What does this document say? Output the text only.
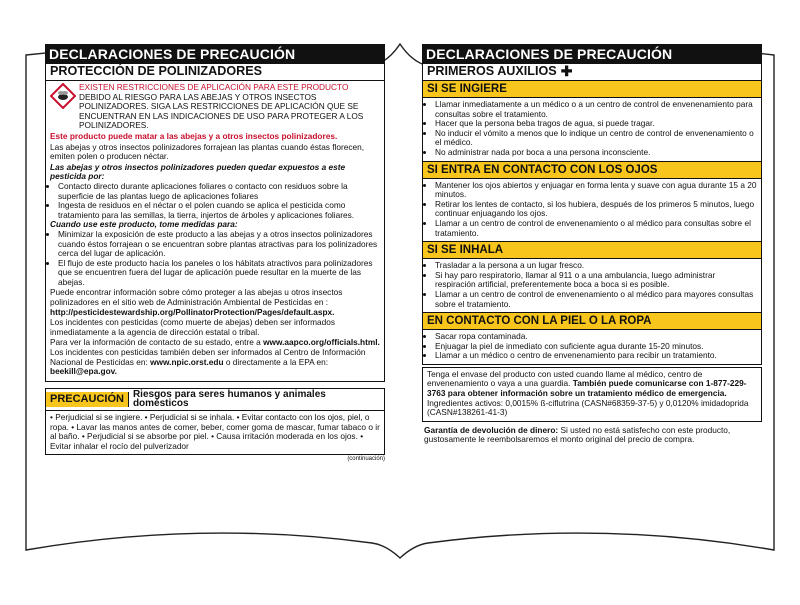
DECLARACIONES DE PRECAUCIÓN
PROTECCIÓN DE POLINIZADORES
EXISTEN RESTRICCIONES DE APLICACIÓN PARA ESTE PRODUCTO DEBIDO AL RIESGO PARA LAS ABEJAS Y OTROS INSECTOS POLINIZADORES. SIGA LAS RESTRICCIONES DE APLICACIÓN QUE SE ENCUENTRAN EN LAS INDICACIONES DE USO PARA PROTEGER A LOS POLINIZADORES.
Este producto puede matar a las abejas y a otros insectos polinizadores.
Las abejas y otros insectos polinizadores forrajean las plantas cuando éstas florecen, emiten polen o producen néctar.
Las abejas y otros insectos polinizadores pueden quedar expuestos a este pesticida por:
• Contacto directo durante aplicaciones foliares o contacto con residuos sobre la superficie de las plantas luego de aplicaciones foliares
• Ingesta de residuos en el néctar o el polen cuando se aplica el pesticida como tratamiento para las semillas, la tierra, injertos de árboles y aplicaciones foliares.
Cuando use este producto, tome medidas para:
• Minimizar la exposición de este producto a las abejas y a otros insectos polinizadores cuando éstos forrajean o se encuentran sobre plantas atractivas para los polinizadores cerca del lugar de aplicación.
• El flujo de este producto hacia los paneles o los hábitats atractivos para polinizadores que se encuentren fuera del lugar de aplicación puede resultar en la muerte de las abejas.
Puede encontrar información sobre cómo proteger a las abejas u otros insectos polinizadores en el sitio web de Administración Ambiental de Pesticidas en : http://pesticidestewardship.org/PollinatorProtection/Pages/default.aspx.
Los incidentes con pesticidas (como muerte de abejas) deben ser informados inmediatamente a la agencia de dirección estatal o tribal.
Para ver la información de contacto de su estado, entre a www.aapco.org/officials.html. Los incidentes con pesticidas también deben ser informados al Centro de Información Nacional de Pesticidas en: www.npic.orst.edu o directamente a la EPA en: beekill@epa.gov.
PRECAUCIÓN Riesgos para seres humanos y animales domésticos
• Perjudicial si se ingiere. • Perjudicial si se inhala. • Evitar contacto con los ojos, piel, o ropa. • Lavar las manos antes de comer, beber, comer goma de mascar, fumar tabaco o ir al baño. • Perjudicial si se absorbe por piel. • Causa irritación moderada en los ojos. • Evitar inhalar el rocío del pulverizador
(continuación)
DECLARACIONES DE PRECAUCIÓN
PRIMEROS AUXILIOS ✚
SI SE INGIERE
• Llamar inmediatamente a un médico o a un centro de control de envenenamiento para consultas sobre el tratamiento.
• Hacer que la persona beba tragos de agua, si puede tragar.
• No inducir el vómito a menos que lo indique un centro de control de envenenamiento o el médico.
• No administrar nada por boca a una persona inconsciente.
SI ENTRA EN CONTACTO CON LOS OJOS
• Mantener los ojos abiertos y enjuagar en forma lenta y suave con agua durante 15 a 20 minutos.
• Retirar los lentes de contacto, si los hubiera, después de los primeros 5 minutos, luego continuar enjuagando los ojos.
• Llamar a un centro de control de envenenamiento o al médico para consultas sobre el tratamiento.
SI SE INHALA
• Trasladar a la persona a un lugar fresco.
• Si hay paro respiratorio, llamar al 911 o a una ambulancia, luego administrar respiración artificial, preferentemente boca a boca si es posible.
• Llamar a un centro de control de envenenamiento o al médico para mayores consultas sobre el tratamiento.
EN CONTACTO CON LA PIEL O LA ROPA
• Sacar ropa contaminada.
• Enjuagar la piel de inmediato con suficiente agua durante 15-20 minutos.
• Llamar a un médico o centro de envenenamiento para recibir un tratamiento.
Tenga el envase del producto con usted cuando llame al médico, centro de envenenamiento o vaya a una guardia. También puede comunicarse con 1-877-229-3763 para obtener información sobre un tratamiento médico de emergencia. Ingredientes activos: 0,0015% ß-ciflutrina (CASN#68359-37-5) y 0,0120% imidadoprida (CASN#138261-41-3)
Garantía de devolución de dinero: Si usted no está satisfecho con este producto, gustosamente le reembolsaremos el monto original del precio de compra.
